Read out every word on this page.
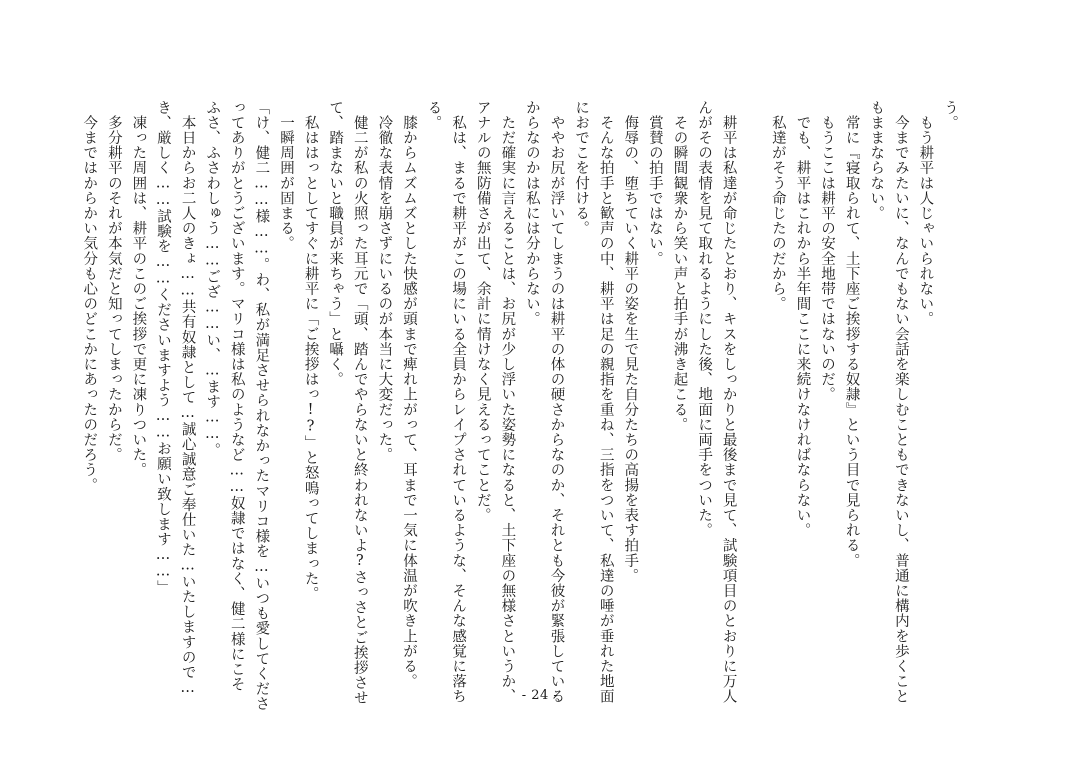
う。
　もう耕平は人じゃいられない。
　今までみたいに、なんでもない会話を楽しむこともできないし、普通に構内を歩くこと
もままならない。
　常に『寝取られて、土下座ご挨拶する奴隷』という目で見られる。
　もうここは耕平の安全地帯ではないのだ。
　でも、耕平はこれから半年間ここに来続けなければならない。
　私達がそう命じたのだから。

　耕平は私達が命じたとおり、キスをしっかりと最後まで見て、試験項目のとおりに万人
んがその表情を見て取れるようにした後、地面に両手をついた。
　その瞬間観衆から笑い声と拍手が沸き起こる。
　賞賛の拍手ではない。
　侮辱の、堕ちていく耕平の姿を生で見た自分たちの高揚を表す拍手。
　そんな拍手と歓声の中、耕平は足の親指を重ね、三指をついて、私達の唾が垂れた地面
におでこを付ける。
　ややお尻が浮いてしまうのは耕平の体の硬さからなのか、それとも今彼が緊張している
からなのかは私には分からない。
　ただ確実に言えることは、お尻が少し浮いた姿勢になると、土下座の無様さというか、
アナルの無防備さが出て、余計に情けなく見えるってことだ。
　私は、まるで耕平がこの場にいる全員からレイプされているような、そんな感覚に落ち
る。
　膝からムズムズとした快感が頭まで痺れ上がって、耳まで一気に体温が吹き上がる。
　冷徹な表情を崩さずにいるのが本当に大変だった。
　健二が私の火照った耳元で「頭、踏んでやらないと終われないよ?さっさとご挨拶させ
て、踏まないと職員が来ちゃう」と囁く。
　私ははっとしてすぐに耕平に「ご挨拶はっ!?」と怒鳴ってしまった。
　一瞬周囲が固まる。
「け、健二……様……。わ、私が満足させられなかったマリコ様を…いつも愛してくださ
ってありがとうございます。マリコ様は私のようなど……奴隷ではなく、健二様にこそ
ふさ、ふさわしゅう……ござ……い、…ます……。
　本日からお二人のきょ……共有奴隷として…誠心誠意ご奉仕いた…いたしますので…
き、厳しく……試験を……くださいますよう……お願い致します……」
　凍った周囲は、耕平のこのご挨拶で更に凍りついた。
　多分耕平のそれが本気だと知ってしまったからだ。
　今まではからかい気分も心のどこかにあったのだろう。
- 24 -
